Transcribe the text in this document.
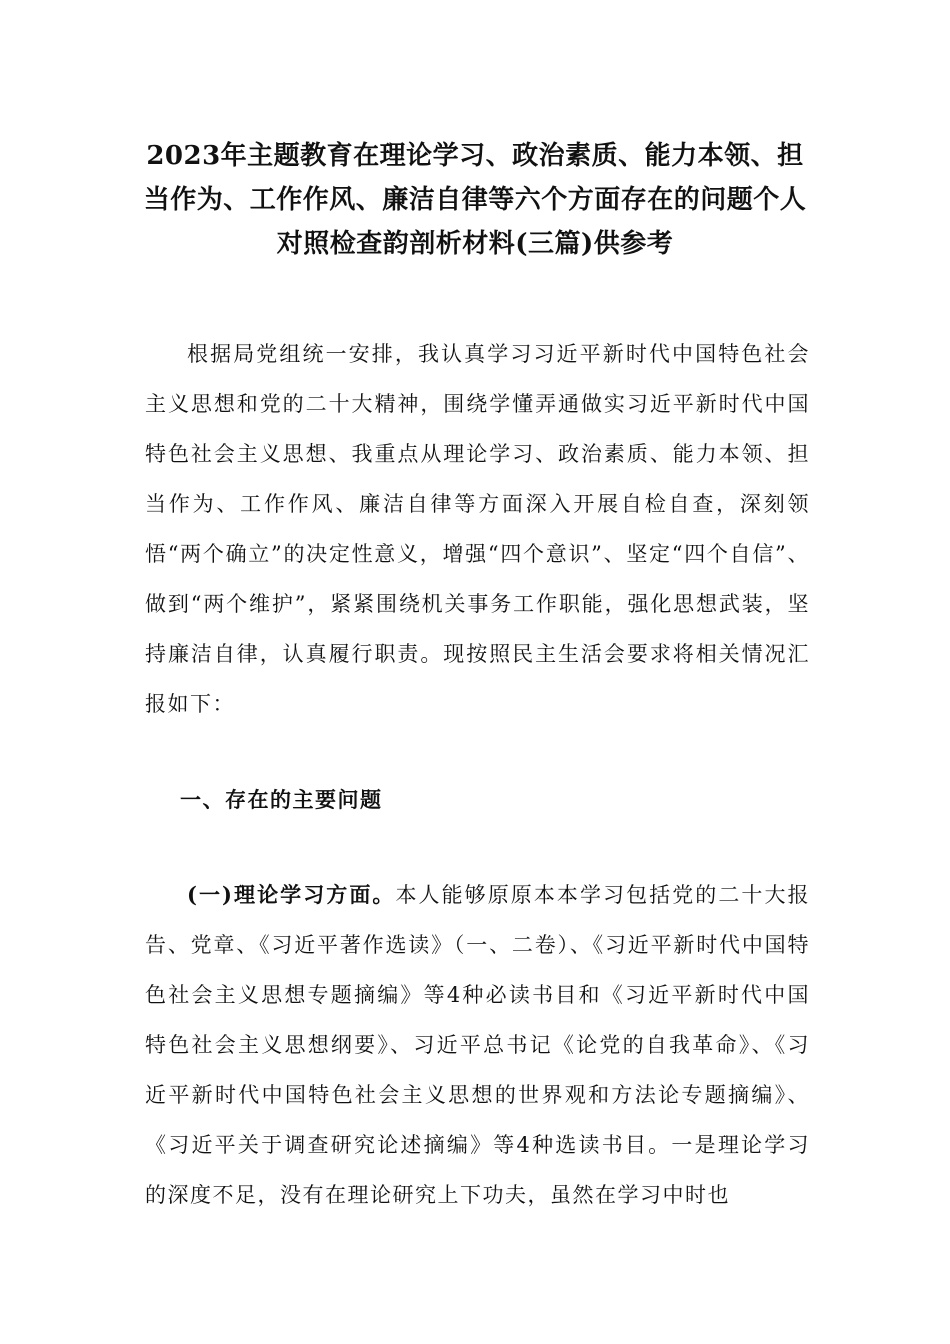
2023年主题教育在理论学习、政治素质、能力本领、担当作为、工作作风、廉洁自律等六个方面存在的问题个人对照检查韵剖析材料(三篇)供参考

根据局党组统一安排，我认真学习习近平新时代中国特色社会主义思想和党的二十大精神，围绕学懂弄通做实习近平新时代中国特色社会主义思想、我重点从理论学习、政治素质、能力本领、担当作为、工作作风、廉洁自律等方面深入开展自检自查，深刻领悟“两个确立”的决定性意义，增强“四个意识”、坚定“四个自信”、做到“两个维护”，紧紧围绕机关事务工作职能，强化思想武装，坚持廉洁自律，认真履行职责。现按照民主生活会要求将相关情况汇报如下：

一、存在的主要问题

(一)理论学习方面。本人能够原原本本学习包括党的二十大报告、党章、《习近平著作选读》（一、二卷）、《习近平新时代中国特色社会主义思想专题摘编》等4种必读书目和《习近平新时代中国特色社会主义思想纲要》、习近平总书记《论党的自我革命》、《习近平新时代中国特色社会主义思想的世界观和方法论专题摘编》、《习近平关于调查研究论述摘编》等4种选读书目。一是理论学习的深度不足，没有在理论研究上下功夫，虽然在学习中时也
